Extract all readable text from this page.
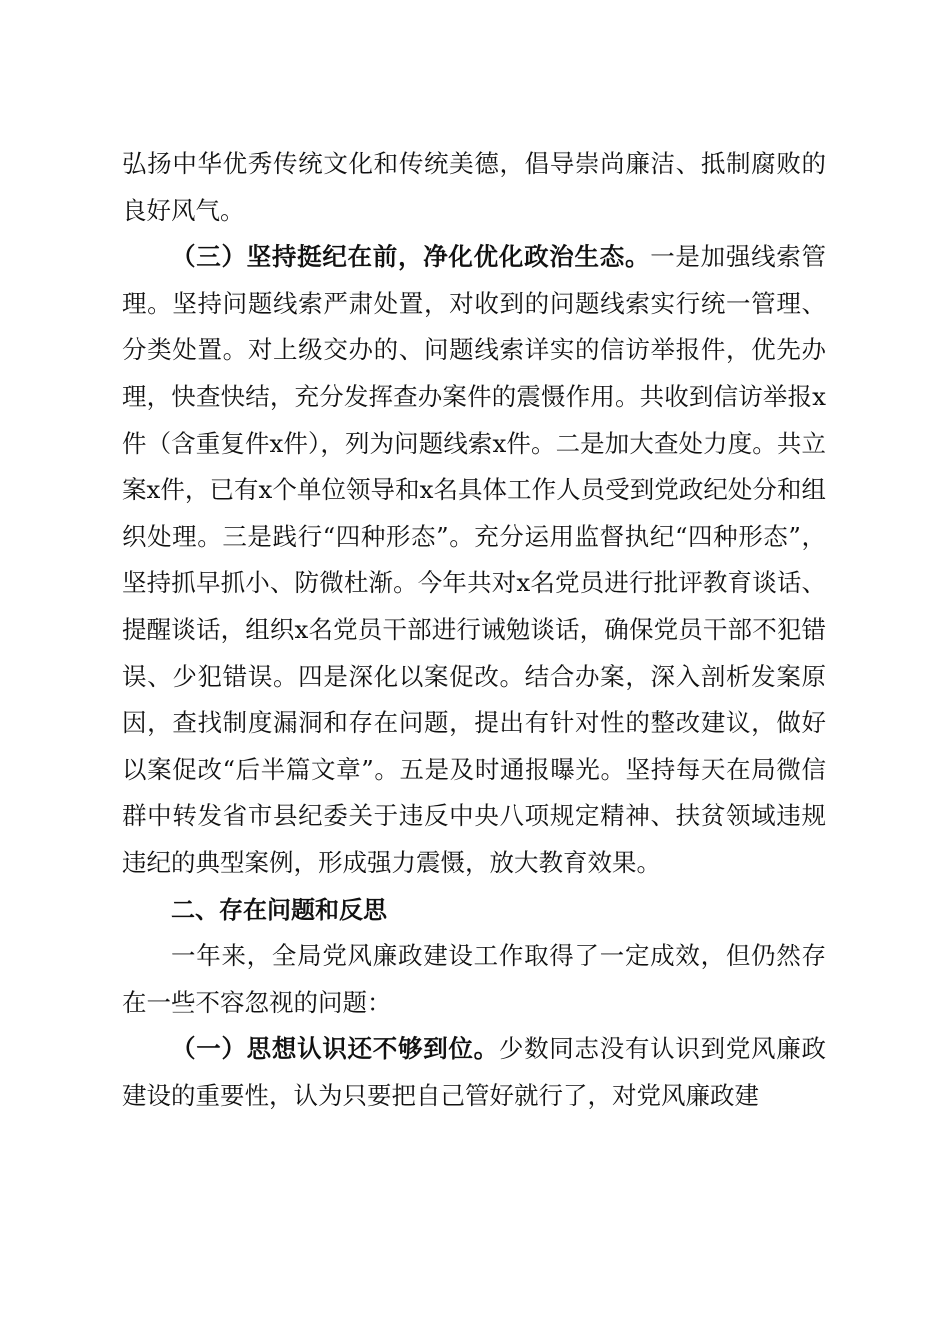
弘扬中华优秀传统文化和传统美德，倡导崇尚廉洁、抵制腐败的良好风气。

（三）坚持挺纪在前，净化优化政治生态。一是加强线索管理。坚持问题线索严肃处置，对收到的问题线索实行统一管理、分类处置。对上级交办的、问题线索详实的信访举报件，优先办理，快查快结，充分发挥查办案件的震慑作用。共收到信访举报x件（含重复件x件），列为问题线索x件。二是加大查处力度。共立案x件，已有x个单位领导和x名具体工作人员受到党政纪处分和组织处理。三是践行“四种形态”。充分运用监督执纪“四种形态”，坚持抓早抓小、防微杜渐。今年共对x名党员进行批评教育谈话、提醒谈话，组织x名党员干部进行诫勉谈话，确保党员干部不犯错误、少犯错误。四是深化以案促改。结合办案，深入剖析发案原因，查找制度漏洞和存在问题，提出有针对性的整改建议，做好以案促改“后半篇文章”。五是及时通报曝光。坚持每天在局微信群中转发省市县纪委关于违反中央八项规定精神、扶贫领域违规违纪的典型案例，形成强力震慑，放大教育效果。

二、存在问题和反思

一年来，全局党风廉政建设工作取得了一定成效，但仍然存在一些不容忽视的问题：

（一）思想认识还不够到位。少数同志没有认识到党风廉政建设的重要性，认为只要把自己管好就行了，对党风廉政建
